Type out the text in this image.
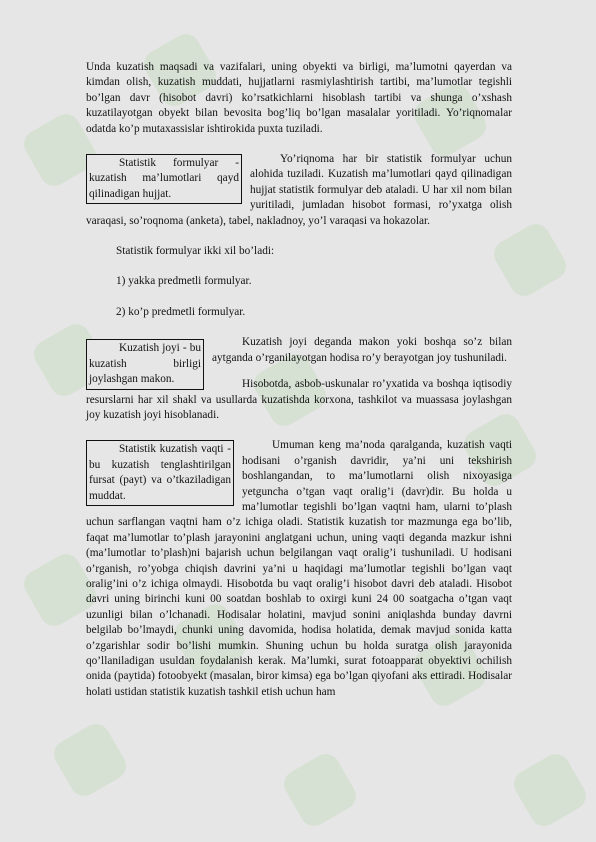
Unda kuzatish maqsadi va vazifalari, uning obyekti va birligi, ma’lumotni qayerdan va kimdan olish, kuzatish muddati, hujjatlarni rasmiylashtirish tartibi, ma’lumotlar tegishli bo’lgan davr (hisobot davri) ko’rsatkichlarni hisoblash tartibi va shunga o’xshash kuzatilayotgan obyekt bilan bevosita bog’liq bo’lgan masalalar yoritiladi. Yo’riqnomalar odatda ko’p mutaxassislar ishtirokida puxta tuziladi.

Statistik formulyar - kuzatish ma’lumotlari qayd qilinadigan hujjat.

Yo’riqnoma har bir statistik formulyar uchun alohida tuziladi. Kuzatish ma’lumotlari qayd qilinadigan hujjat statistik formulyar deb ataladi. U har xil nom bilan yuritiladi, jumladan hisobot formasi, ro’yxatga olish varaqasi, so’roqnoma (anketa), tabel, nakladnoy, yo’l varaqasi va hokazolar.

Statistik formulyar ikki xil bo’ladi:

1) yakka predmetli formulyar.

2) ko’p predmetli formulyar.

Kuzatish joyi - bu kuzatish birligi joylashgan makon.

Kuzatish joyi deganda makon yoki boshqa so’z bilan aytganda o’rganilayotgan hodisa ro’y berayotgan joy tushuniladi.

Hisobotda, asbob-uskunalar ro’yxatida va boshqa iqtisodiy resurslarni har xil shakl va usullarda kuzatishda korxona, tashkilot va muassasa joylashgan joy kuzatish joyi hisoblanadi.

Statistik kuzatish vaqti - bu kuzatish tenglashtirilgan fursat (payt) va o’tkaziladigan muddat.

Umuman keng ma’noda qaralganda, kuzatish vaqti hodisani o’rganish davridir, ya’ni uni tekshirish boshlangandan, to ma’lumotlarni olish nixoyasiga yetguncha o’tgan vaqt oralig’i (davr)dir. Bu holda u ma’lumotlar tegishli bo’lgan vaqtni ham, ularni to’plash uchun sarflangan vaqtni ham o’z ichiga oladi. Statistik kuzatish tor mazmunga ega bo’lib, faqat ma’lumotlar to’plash jarayonini anglatgani uchun, uning vaqti deganda mazkur ishni (ma’lumotlar to’plash)ni bajarish uchun belgilangan vaqt oralig’i tushuniladi. U hodisani o’rganish, ro’yobga chiqish davrini ya’ni u haqidagi ma’lumotlar tegishli bo’lgan vaqt oralig’ini o’z ichiga olmaydi. Hisobotda bu vaqt oralig’i hisobot davri deb ataladi. Hisobot davri uning birinchi kuni 00 soatdan boshlab to oxirgi kuni 24 00 soatgacha o’tgan vaqt uzunligi bilan o’lchanadi. Hodisalar holatini, mavjud sonini aniqlashda bunday davrni belgilab bo’lmaydi, chunki uning davomida, hodisa holatida, demak mavjud sonida katta o’zgarishlar sodir bo’lishi mumkin. Shuning uchun bu holda suratga olish jarayonida qo’llaniladigan usuldan foydalanish kerak. Ma’lumki, surat fotoapparat obyektivi ochilish onida (paytida) fotoobyekt (masalan, biror kimsa) ega bo’lgan qiyofani aks ettiradi. Hodisalar holati ustidan statistik kuzatish tashkil etish uchun ham
